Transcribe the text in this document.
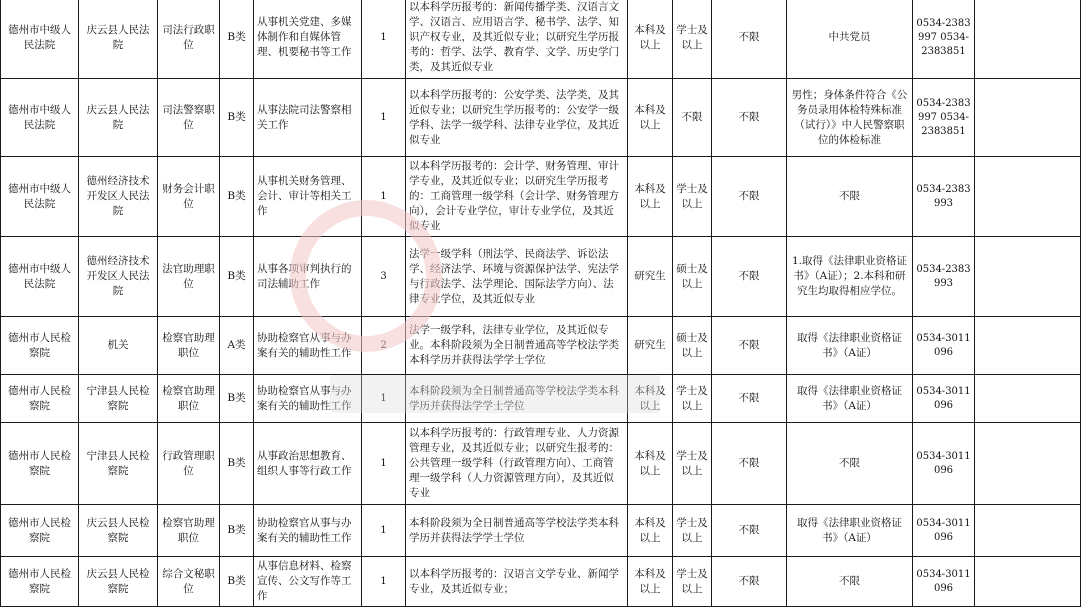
德州市中级人民法院	庆云县人民法院	司法行政职位	B类	从事机关党建、多媒体制作和自媒体管理、机要秘书等工作	1	以本科学历报考的：新闻传播学类、汉语言文学、汉语言、应用语言学、秘书学、法学、知识产权专业，及其近似专业；以研究生学历报考的：哲学、法学、教育学、文学、历史学门类，及其近似专业	本科及以上	学士及以上	不限	中共党员	0534-2383997 0534-2383851	
德州市中级人民法院	庆云县人民法院	司法警察职位	B类	从事法院司法警察相关工作	1	以本科学历报考的：公安学类、法学类，及其近似专业；以研究生学历报考的：公安学一级学科、法学一级学科、法律专业学位，及其近似专业	本科及以上	不限	不限	男性；身体条件符合《公务员录用体检特殊标准（试行）》中人民警察职位的体检标准	0534-2383997 0534-2383851	
德州市中级人民法院	德州经济技术开发区人民法院	财务会计职位	B类	从事机关财务管理、会计、审计等相关工作	1	以本科学历报考的：会计学、财务管理、审计学专业，及其近似专业；以研究生学历报考的：工商管理一级学科（会计学、财务管理方向），会计专业学位，审计专业学位，及其近似专业	本科及以上	学士及以上	不限	不限	0534-2383993	
德州市中级人民法院	德州经济技术开发区人民法院	法官助理职位	B类	从事各项审判执行的司法辅助工作	3	法学一级学科（刑法学、民商法学、诉讼法学、经济法学、环境与资源保护法学、宪法学与行政法学、法学理论、国际法学方向）、法律专业学位，及其近似专业	研究生	硕士及以上	不限	1.取得《法律职业资格证书》（A证）；2.本科和研究生均取得相应学位。	0534-2383993	
德州市人民检察院	机关	检察官助理职位	A类	协助检察官从事与办案有关的辅助性工作	2	法学一级学科，法律专业学位，及其近似专业。本科阶段须为全日制普通高等学校法学类本科学历并获得法学学士学位	研究生	硕士及以上	不限	取得《法律职业资格证书》（A证）	0534-3011096	
德州市人民检察院	宁津县人民检察院	检察官助理职位	B类	协助检察官从事与办案有关的辅助性工作	1	本科阶段须为全日制普通高等学校法学类本科学历并获得法学学士学位	本科及以上	学士及以上	不限	取得《法律职业资格证书》（A证）	0534-3011096	
德州市人民检察院	宁津县人民检察院	行政管理职位	B类	从事政治思想教育、组织人事等行政工作	1	以本科学历报考的：行政管理专业、人力资源管理专业，及其近似专业；以研究生报考的：公共管理一级学科（行政管理方向）、工商管理一级学科（人力资源管理方向），及其近似专业	本科及以上	学士及以上	不限	不限	0534-3011096	
德州市人民检察院	庆云县人民检察院	检察官助理职位	B类	协助检察官从事与办案有关的辅助性工作	1	本科阶段须为全日制普通高等学校法学类本科学历并获得法学学士学位	本科及以上	学士及以上	不限	取得《法律职业资格证书》（A证）	0534-3011096	
德州市人民检察院	庆云县人民检察院	综合文秘职位	B类	从事信息材料、检察宣传、公文写作等工作	1	以本科学历报考的：汉语言文学专业、新闻学专业，及其近似专业；	本科及以上	学士及以上	不限	不限	0534-3011096	
